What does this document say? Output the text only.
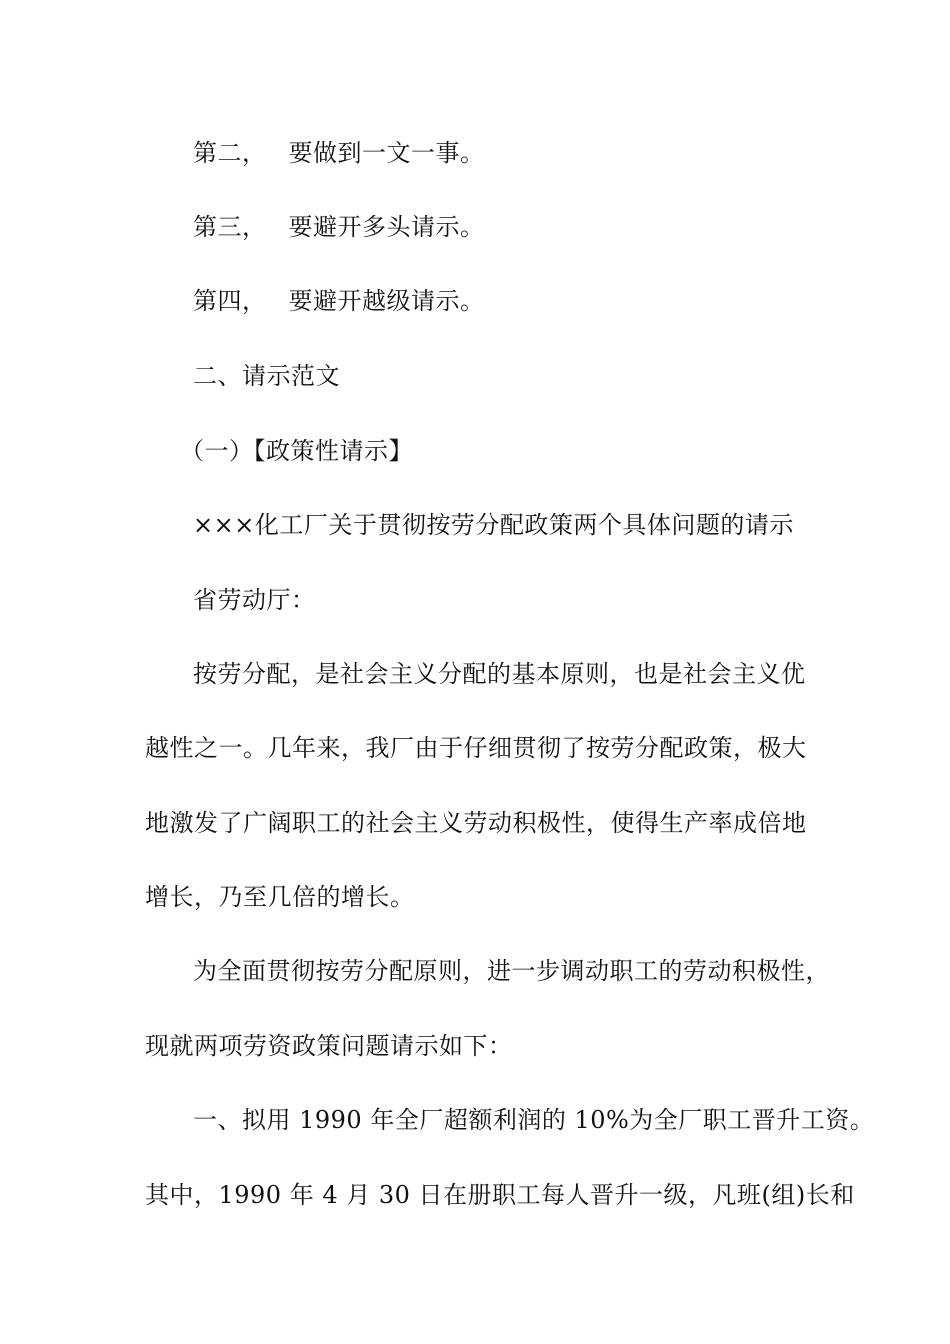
第二， 要做到一文一事。
第三， 要避开多头请示。
第四， 要避开越级请示。
二、请示范文
（一）【政策性请示】
×××化工厂关于贯彻按劳分配政策两个具体问题的请示
省劳动厅：
按劳分配，是社会主义分配的基本原则，也是社会主义优
越性之一。几年来，我厂由于仔细贯彻了按劳分配政策，极大
地激发了广阔职工的社会主义劳动积极性，使得生产率成倍地
增长，乃至几倍的增长。
为全面贯彻按劳分配原则，进一步调动职工的劳动积极性，
现就两项劳资政策问题请示如下：
一、拟用 1990 年全厂超额利润的 10%为全厂职工晋升工资。
其中，1990 年 4 月 30 日在册职工每人晋升一级，凡班(组)长和
